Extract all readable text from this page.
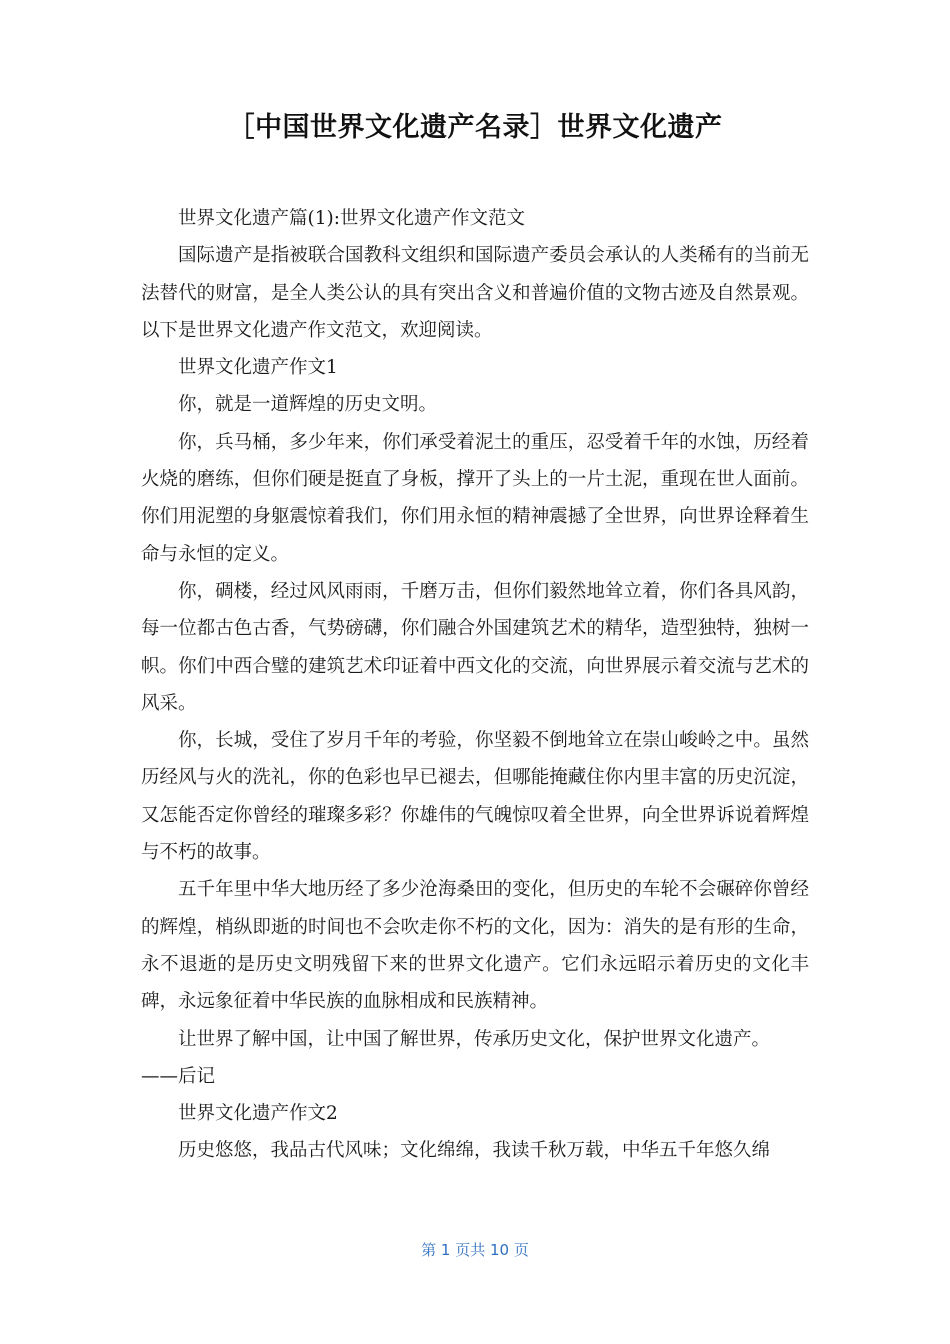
［中国世界文化遗产名录］世界文化遗产

世界文化遗产篇(1):世界文化遗产作文范文

国际遗产是指被联合国教科文组织和国际遗产委员会承认的人类稀有的当前无法替代的财富，是全人类公认的具有突出含义和普遍价值的文物古迹及自然景观。以下是世界文化遗产作文范文，欢迎阅读。

世界文化遗产作文1

你，就是一道辉煌的历史文明。

你，兵马桶，多少年来，你们承受着泥土的重压，忍受着千年的水蚀，历经着火烧的磨练，但你们硬是挺直了身板，撑开了头上的一片土泥，重现在世人面前。你们用泥塑的身躯震惊着我们，你们用永恒的精神震撼了全世界，向世界诠释着生命与永恒的定义。

你，碉楼，经过风风雨雨，千磨万击，但你们毅然地耸立着，你们各具风韵，每一位都古色古香，气势磅礴，你们融合外国建筑艺术的精华，造型独特，独树一帜。你们中西合璧的建筑艺术印证着中西文化的交流，向世界展示着交流与艺术的风采。

你，长城，受住了岁月千年的考验，你坚毅不倒地耸立在崇山峻岭之中。虽然历经风与火的洗礼，你的色彩也早已褪去，但哪能掩藏住你内里丰富的历史沉淀，又怎能否定你曾经的璀璨多彩？你雄伟的气魄惊叹着全世界，向全世界诉说着辉煌与不朽的故事。

五千年里中华大地历经了多少沧海桑田的变化，但历史的车轮不会碾碎你曾经的辉煌，梢纵即逝的时间也不会吹走你不朽的文化，因为：消失的是有形的生命，永不退逝的是历史文明残留下来的世界文化遗产。它们永远昭示着历史的文化丰碑，永远象征着中华民族的血脉相成和民族精神。

让世界了解中国，让中国了解世界，传承历史文化，保护世界文化遗产。

——后记

世界文化遗产作文2

历史悠悠，我品古代风味；文化绵绵，我读千秋万载，中华五千年悠久绵

第 1 页共 10 页
